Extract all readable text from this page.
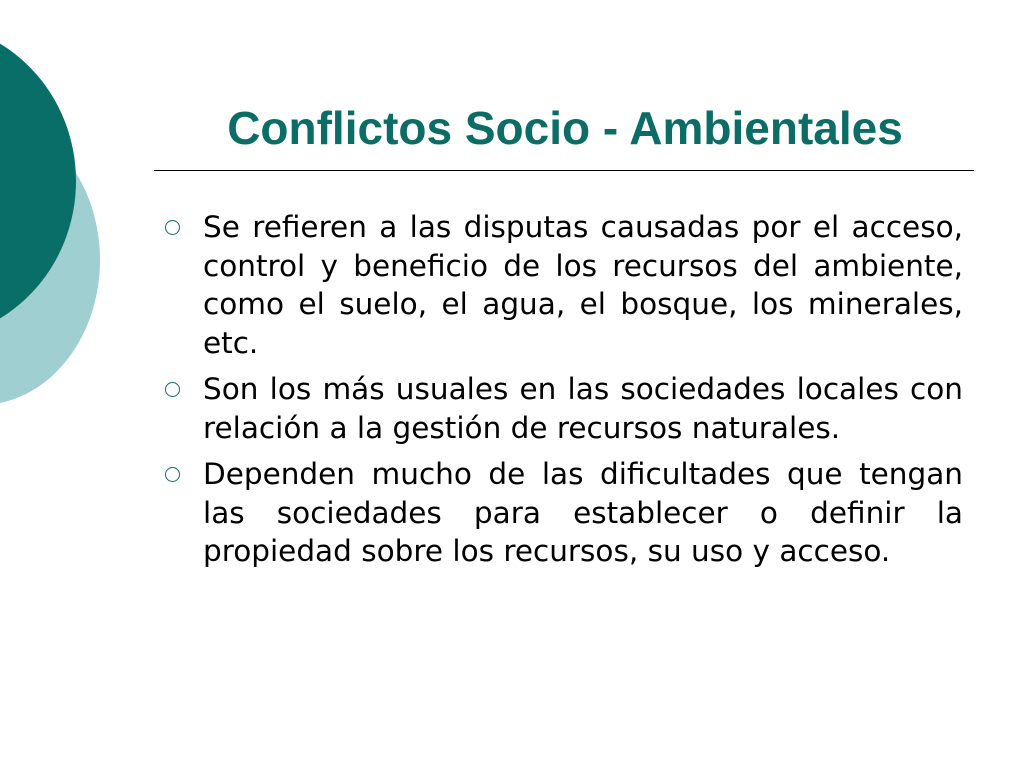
Conflictos Socio - Ambientales
Se refieren a las disputas causadas por el acceso, control y beneficio de los recursos del ambiente, como el suelo, el agua, el bosque, los minerales, etc.
Son los más usuales en las sociedades locales con relación a la gestión de recursos naturales.
Dependen mucho de las dificultades que tengan las sociedades para establecer o definir la propiedad sobre los recursos, su uso y acceso.
